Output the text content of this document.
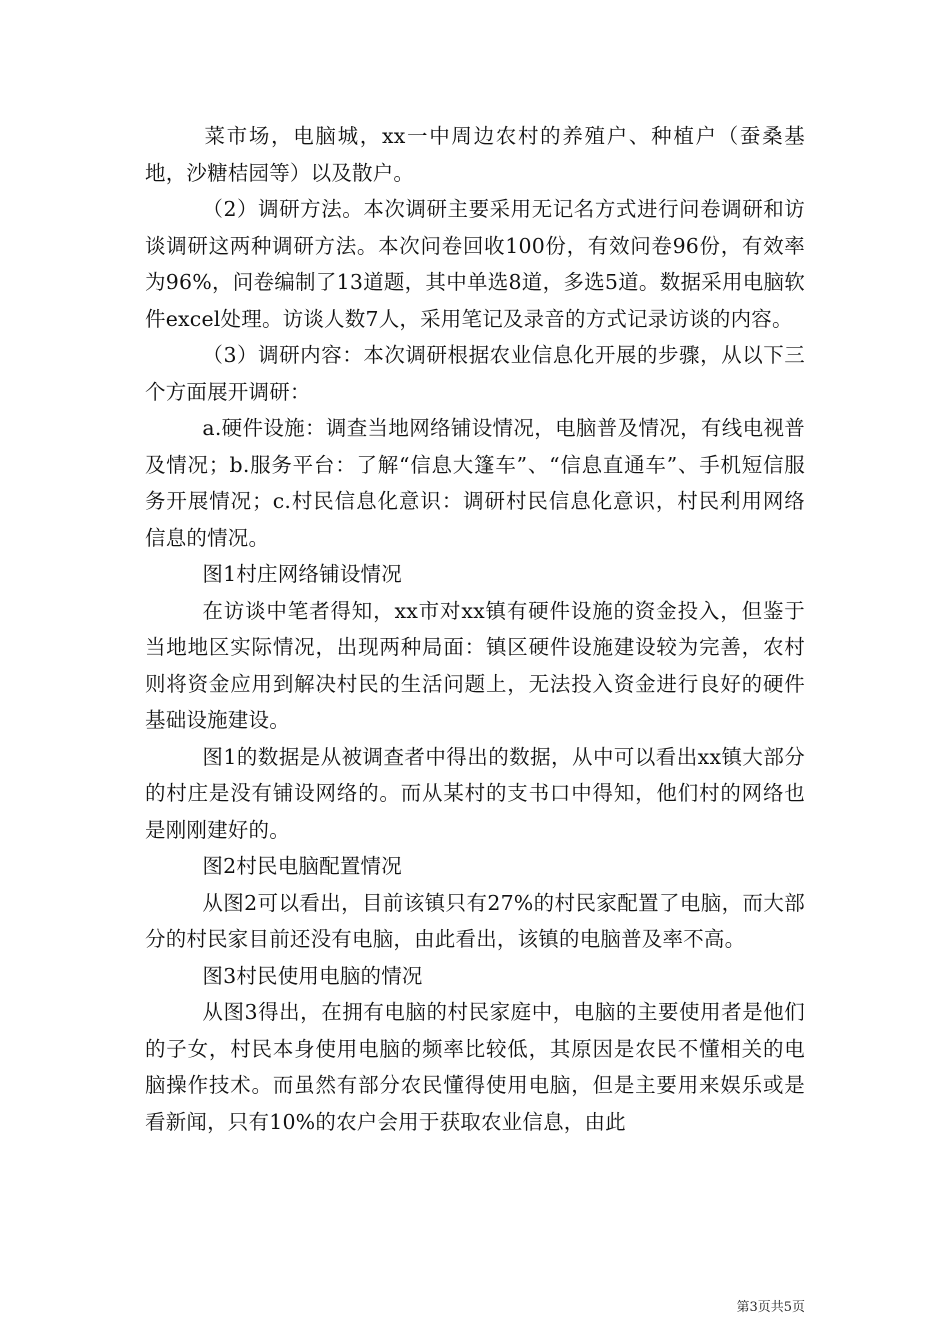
菜市场，电脑城，xx一中周边农村的养殖户、种植户（蚕桑基地，沙糖桔园等）以及散户。

（2）调研方法。本次调研主要采用无记名方式进行问卷调研和访谈调研这两种调研方法。本次问卷回收100份，有效问卷96份，有效率为96%，问卷编制了13道题，其中单选8道，多选5道。数据采用电脑软件excel处理。访谈人数7人，采用笔记及录音的方式记录访谈的内容。

（3）调研内容：本次调研根据农业信息化开展的步骤，从以下三个方面展开调研：

a.硬件设施：调查当地网络铺设情况，电脑普及情况，有线电视普及情况；b.服务平台：了解“信息大篷车”、“信息直通车”、手机短信服务开展情况；c.村民信息化意识：调研村民信息化意识，村民利用网络信息的情况。

图1村庄网络铺设情况

在访谈中笔者得知，xx市对xx镇有硬件设施的资金投入，但鉴于当地地区实际情况，出现两种局面：镇区硬件设施建设较为完善，农村则将资金应用到解决村民的生活问题上，无法投入资金进行良好的硬件基础设施建设。

图1的数据是从被调查者中得出的数据，从中可以看出xx镇大部分的村庄是没有铺设网络的。而从某村的支书口中得知，他们村的网络也是刚刚建好的。

图2村民电脑配置情况

从图2可以看出，目前该镇只有27%的村民家配置了电脑，而大部分的村民家目前还没有电脑，由此看出，该镇的电脑普及率不高。

图3村民使用电脑的情况

从图3得出，在拥有电脑的村民家庭中，电脑的主要使用者是他们的子女，村民本身使用电脑的频率比较低，其原因是农民不懂相关的电脑操作技术。而虽然有部分农民懂得使用电脑，但是主要用来娱乐或是看新闻，只有10%的农户会用于获取农业信息，由此

第3页共5页
